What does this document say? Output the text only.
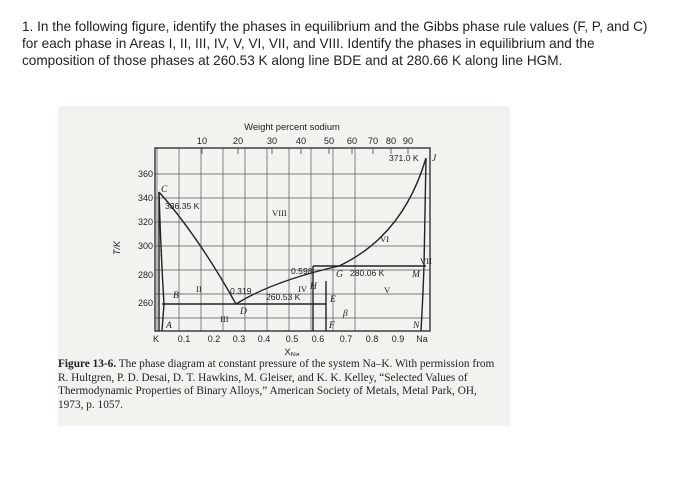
1. In the following figure, identify the phases in equilibrium and the Gibbs phase rule values (F, P, and C) for each phase in Areas I, II, III, IV, V, VI, VII, and VIII. Identify the phases in equilibrium and the composition of those phases at 260.53 K along line BDE and at 280.66 K along line HGM.
Weight percent sodium
10	20	30 40 50 60 70 80 90
T/K
360
340
320
300
280
260
K 0.1 0.2 0.3 0.4 0.5 0.6 0.7 0.8 0.9 Na
$X_{Na}$
371.0 K
336.35 K
280.06 K
260.53 K
0.598
0.319
C
J
G	M
H
B
D
E
A	F	N
β
I
II
III
IV	V
VI
VII
VIII
Figure 13-6. The phase diagram at constant pressure of the system Na–K. With permission from R. Hultgren, P. D. Desai, D. T. Hawkins, M. Gleiser, and K. K. Kelley, “Selected Values of Thermodynamic Properties of Binary Alloys,” American Society of Metals, Metal Park, OH, 1973, p. 1057.
